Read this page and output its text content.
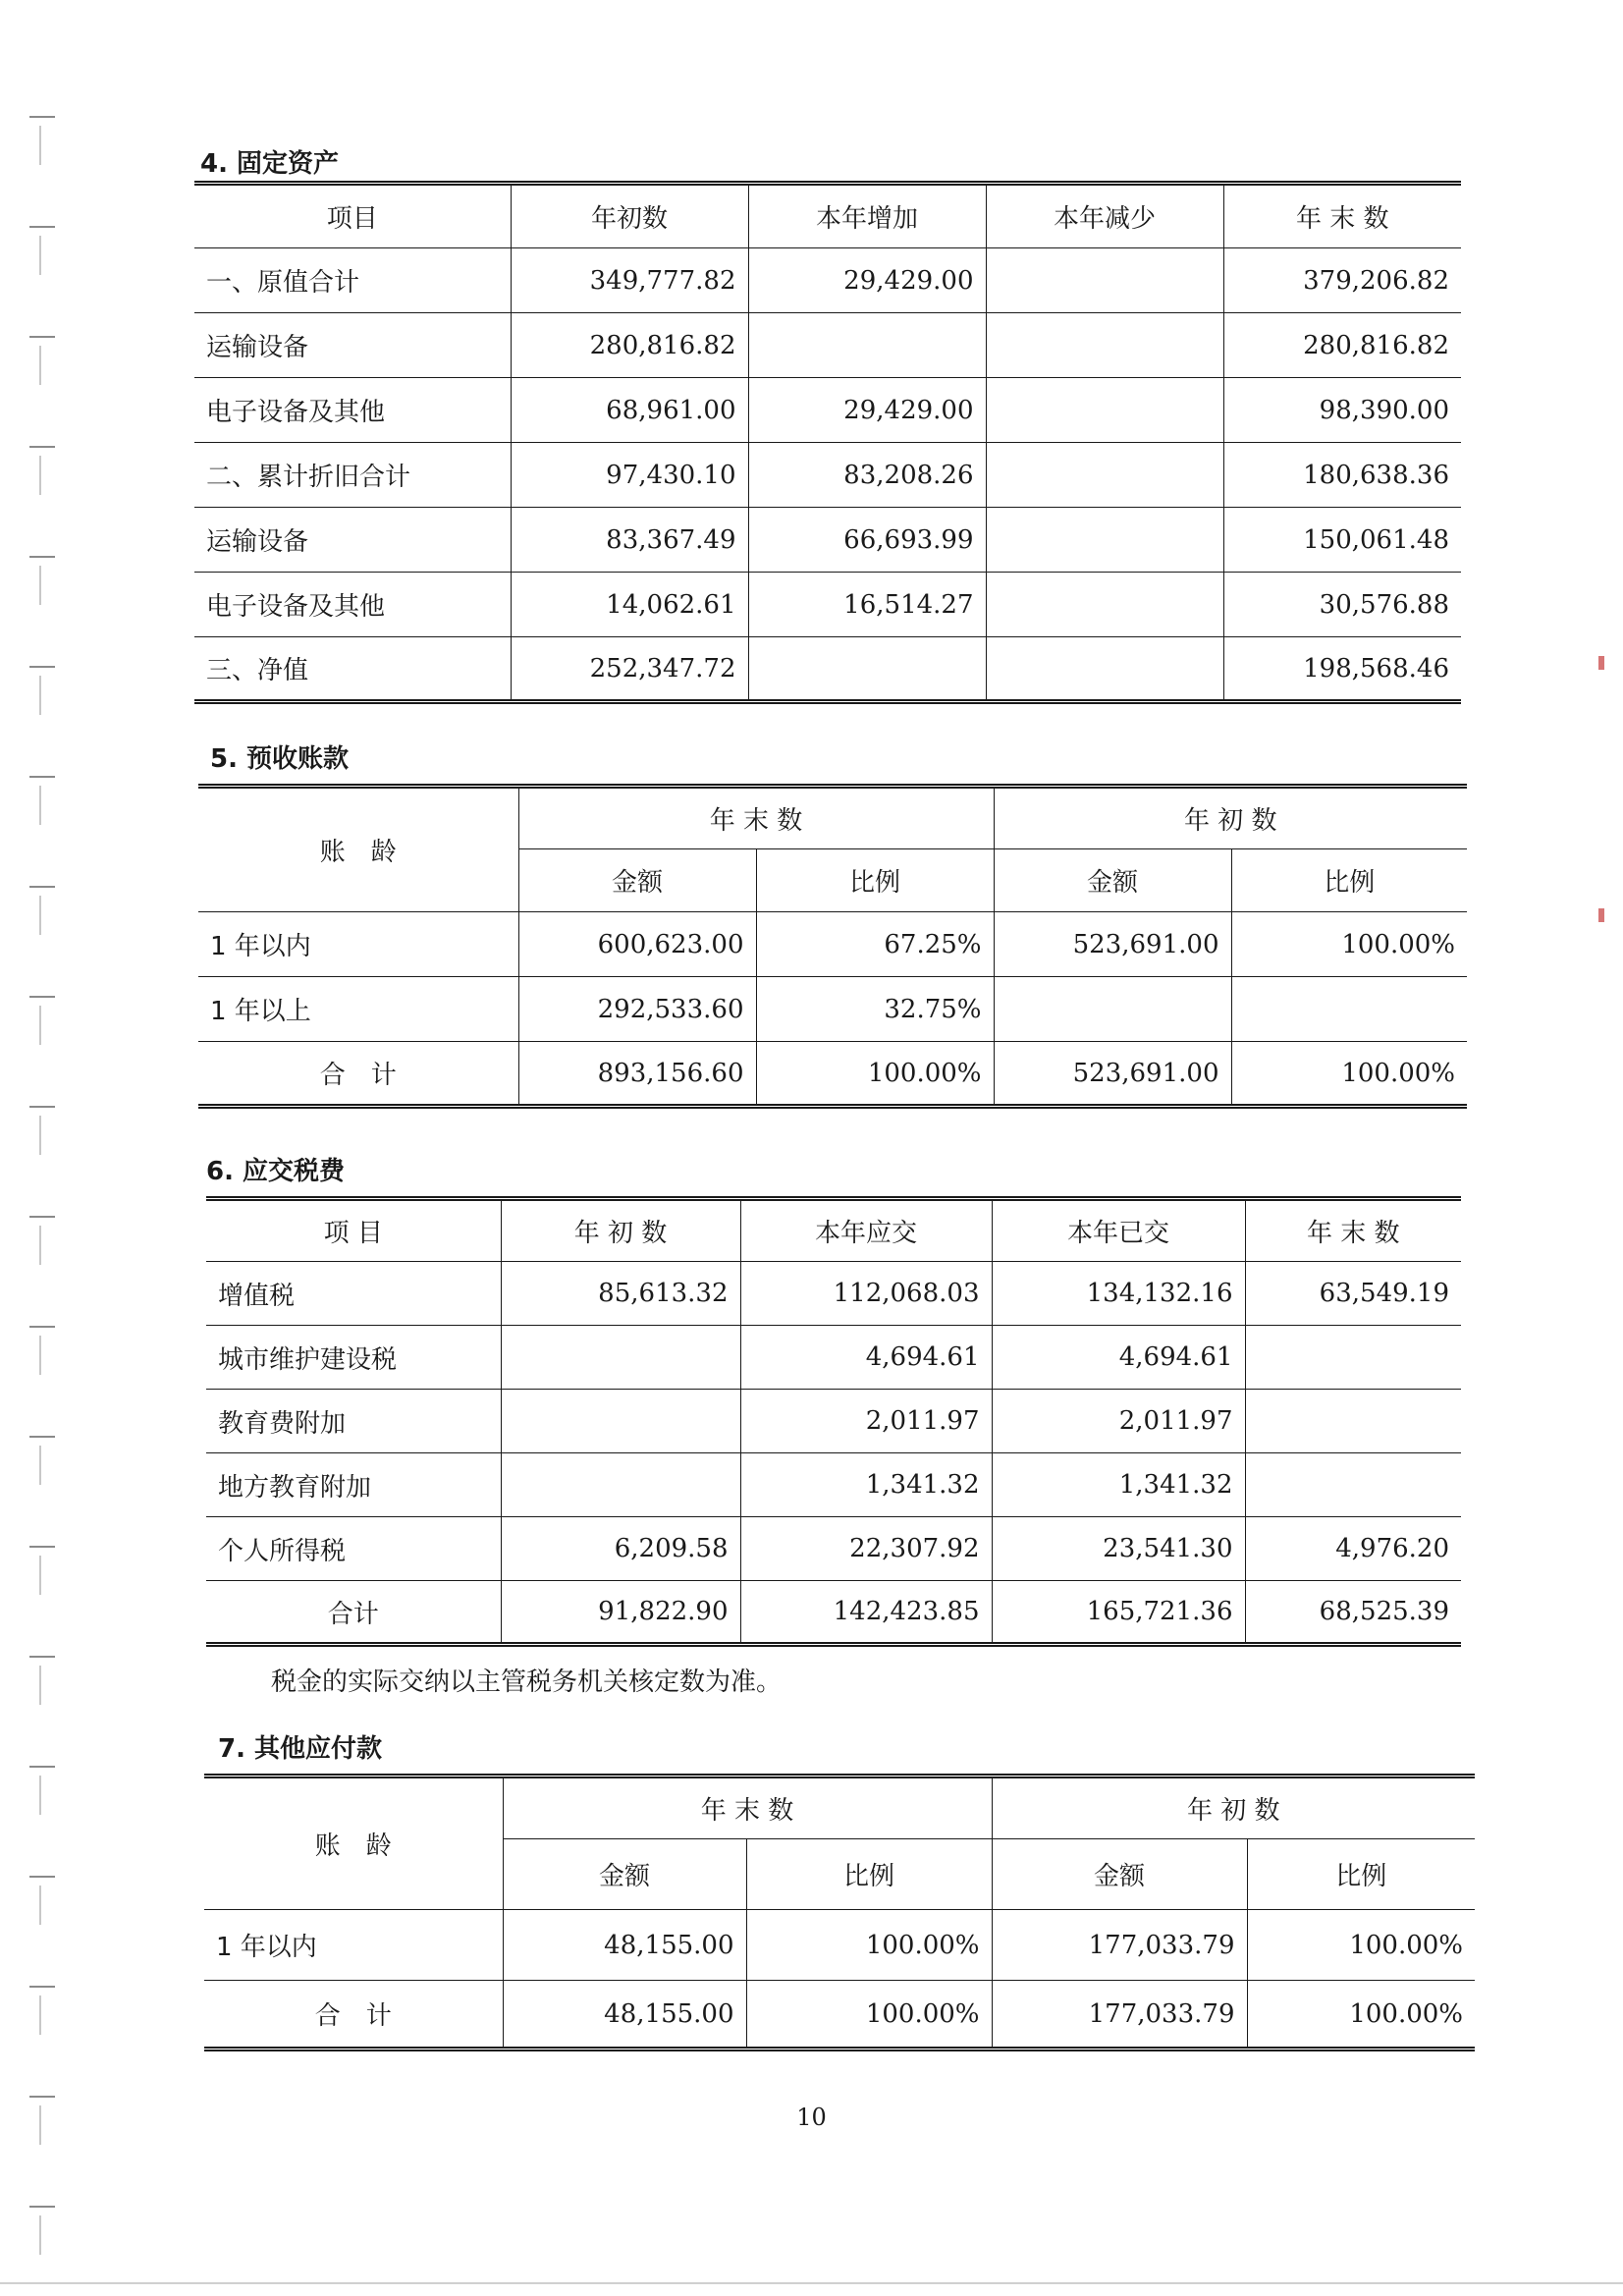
4. 固定资产
项目	年初数	本年增加	本年减少	年 末 数
一、原值合计	349,777.82	29,429.00		379,206.82
运输设备	280,816.82			280,816.82
电子设备及其他	68,961.00	29,429.00		98,390.00
二、累计折旧合计	97,430.10	83,208.26		180,638.36
运输设备	83,367.49	66,693.99		150,061.48
电子设备及其他	14,062.61	16,514.27		30,576.88
三、净值	252,347.72			198,568.46
5. 预收账款
账　龄	年 末 数		年 初 数	
	金额	比例	金额	比例
1 年以内	600,623.00	67.25%	523,691.00	100.00%
1 年以上	292,533.60	32.75%		
合　计	893,156.60	100.00%	523,691.00	100.00%
6. 应交税费
项 目	年 初 数	本年应交	本年已交	年 末 数
增值税	85,613.32	112,068.03	134,132.16	63,549.19
城市维护建设税		4,694.61	4,694.61	
教育费附加		2,011.97	2,011.97	
地方教育附加		1,341.32	1,341.32	
个人所得税	6,209.58	22,307.92	23,541.30	4,976.20
合计	91,822.90	142,423.85	165,721.36	68,525.39
税金的实际交纳以主管税务机关核定数为准。
7. 其他应付款
账　龄	年 末 数		年 初 数	
	金额	比例	金额	比例
1 年以内	48,155.00	100.00%	177,033.79	100.00%
合　计	48,155.00	100.00%	177,033.79	100.00%
10
